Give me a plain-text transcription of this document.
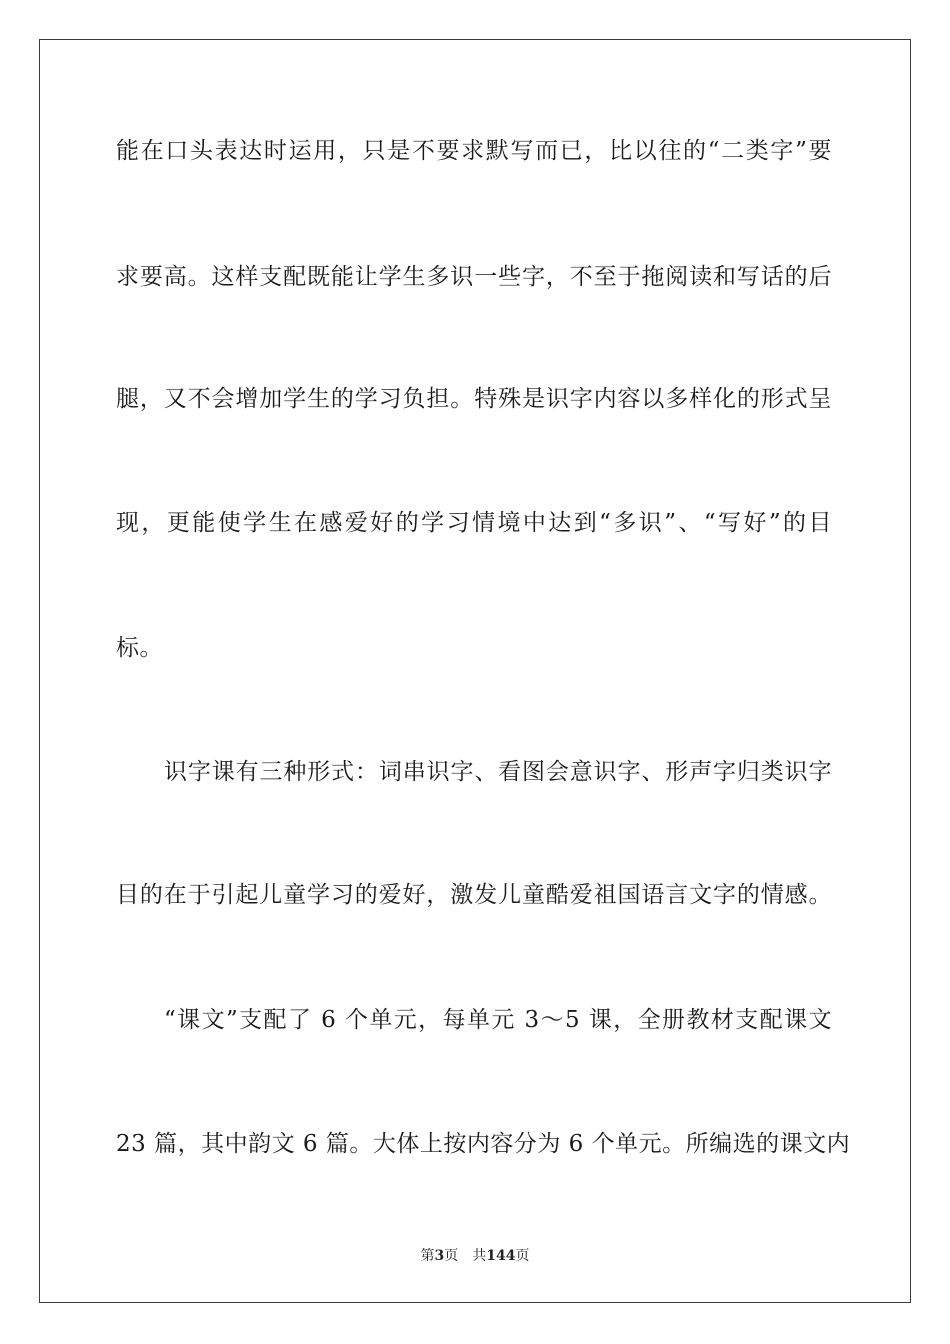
能在口头表达时运用，只是不要求默写而已，比以往的“二类字”要
求要高。这样支配既能让学生多识一些字，不至于拖阅读和写话的后
腿，又不会增加学生的学习负担。特殊是识字内容以多样化的形式呈
现，更能使学生在感爱好的学习情境中达到“多识”、“写好”的目
标。
识字课有三种形式：词串识字、看图会意识字、形声字归类识字
目的在于引起儿童学习的爱好，激发儿童酷爱祖国语言文字的情感。
“课文”支配了 6 个单元，每单元 3～5 课，全册教材支配课文
23 篇，其中韵文 6 篇。大体上按内容分为 6 个单元。所编选的课文内
第3页　共144页
